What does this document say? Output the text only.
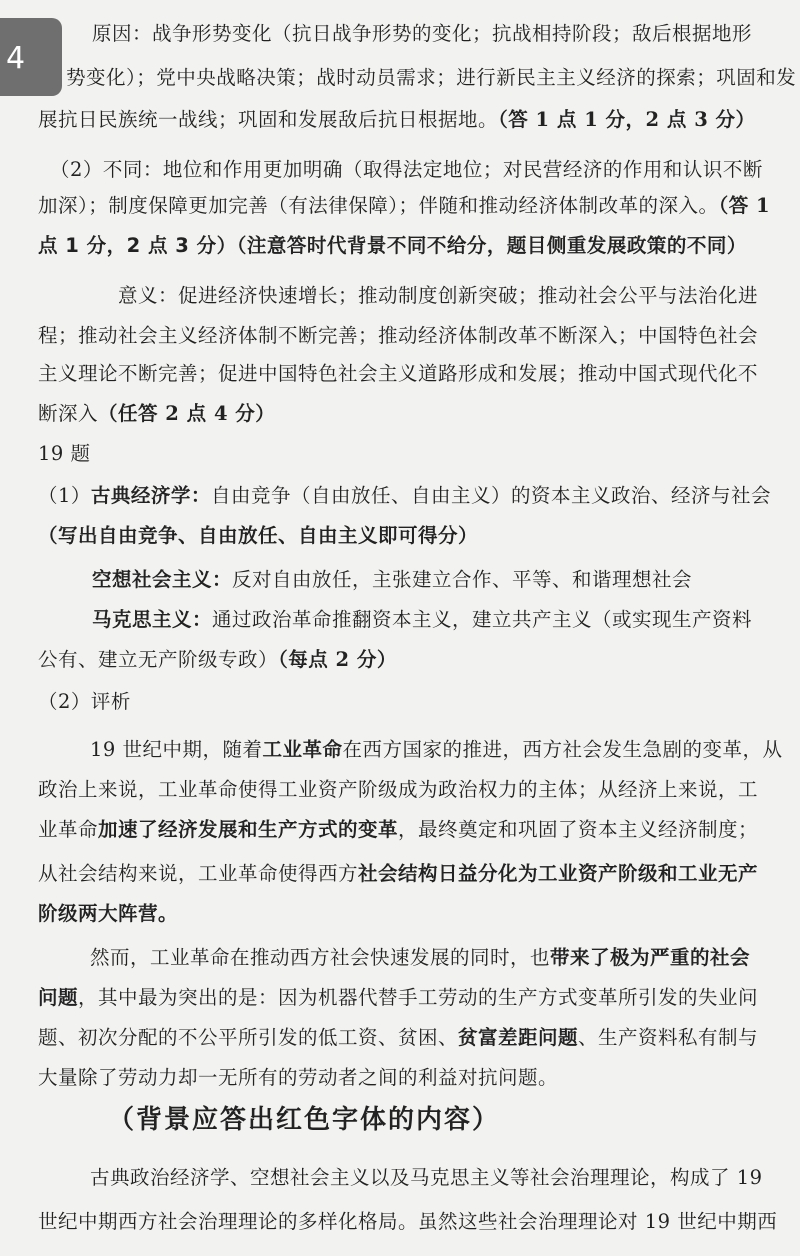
4
原因：战争形势变化（抗日战争形势的变化；抗战相持阶段；敌后根据地形
势变化）；党中央战略决策；战时动员需求；进行新民主主义经济的探索；巩固和发
展抗日民族统一战线；巩固和发展敌后抗日根据地。（答 1 点 1 分，2 点 3 分）
（2）不同：地位和作用更加明确（取得法定地位；对民营经济的作用和认识不断
加深）；制度保障更加完善（有法律保障）；伴随和推动经济体制改革的深入。（答 1
点 1 分，2 点 3 分）（注意答时代背景不同不给分，题目侧重发展政策的不同）
意义：促进经济快速增长；推动制度创新突破；推动社会公平与法治化进
程；推动社会主义经济体制不断完善；推动经济体制改革不断深入；中国特色社会
主义理论不断完善；促进中国特色社会主义道路形成和发展；推动中国式现代化不
断深入（任答 2 点 4 分）
19 题
（1）古典经济学：自由竞争（自由放任、自由主义）的资本主义政治、经济与社会
（写出自由竞争、自由放任、自由主义即可得分）
空想社会主义：反对自由放任，主张建立合作、平等、和谐理想社会
马克思主义：通过政治革命推翻资本主义，建立共产主义（或实现生产资料
公有、建立无产阶级专政）（每点 2 分）
（2）评析
19 世纪中期，随着工业革命在西方国家的推进，西方社会发生急剧的变革，从
政治上来说，工业革命使得工业资产阶级成为政治权力的主体；从经济上来说，工
业革命加速了经济发展和生产方式的变革，最终奠定和巩固了资本主义经济制度；
从社会结构来说，工业革命使得西方社会结构日益分化为工业资产阶级和工业无产
阶级两大阵营。
然而，工业革命在推动西方社会快速发展的同时，也带来了极为严重的社会
问题，其中最为突出的是：因为机器代替手工劳动的生产方式变革所引发的失业问
题、初次分配的不公平所引发的低工资、贫困、贫富差距问题、生产资料私有制与
大量除了劳动力却一无所有的劳动者之间的利益对抗问题。
（背景应答出红色字体的内容）
古典政治经济学、空想社会主义以及马克思主义等社会治理理论，构成了 19
世纪中期西方社会治理理论的多样化格局。虽然这些社会治理理论对 19 世纪中期西
